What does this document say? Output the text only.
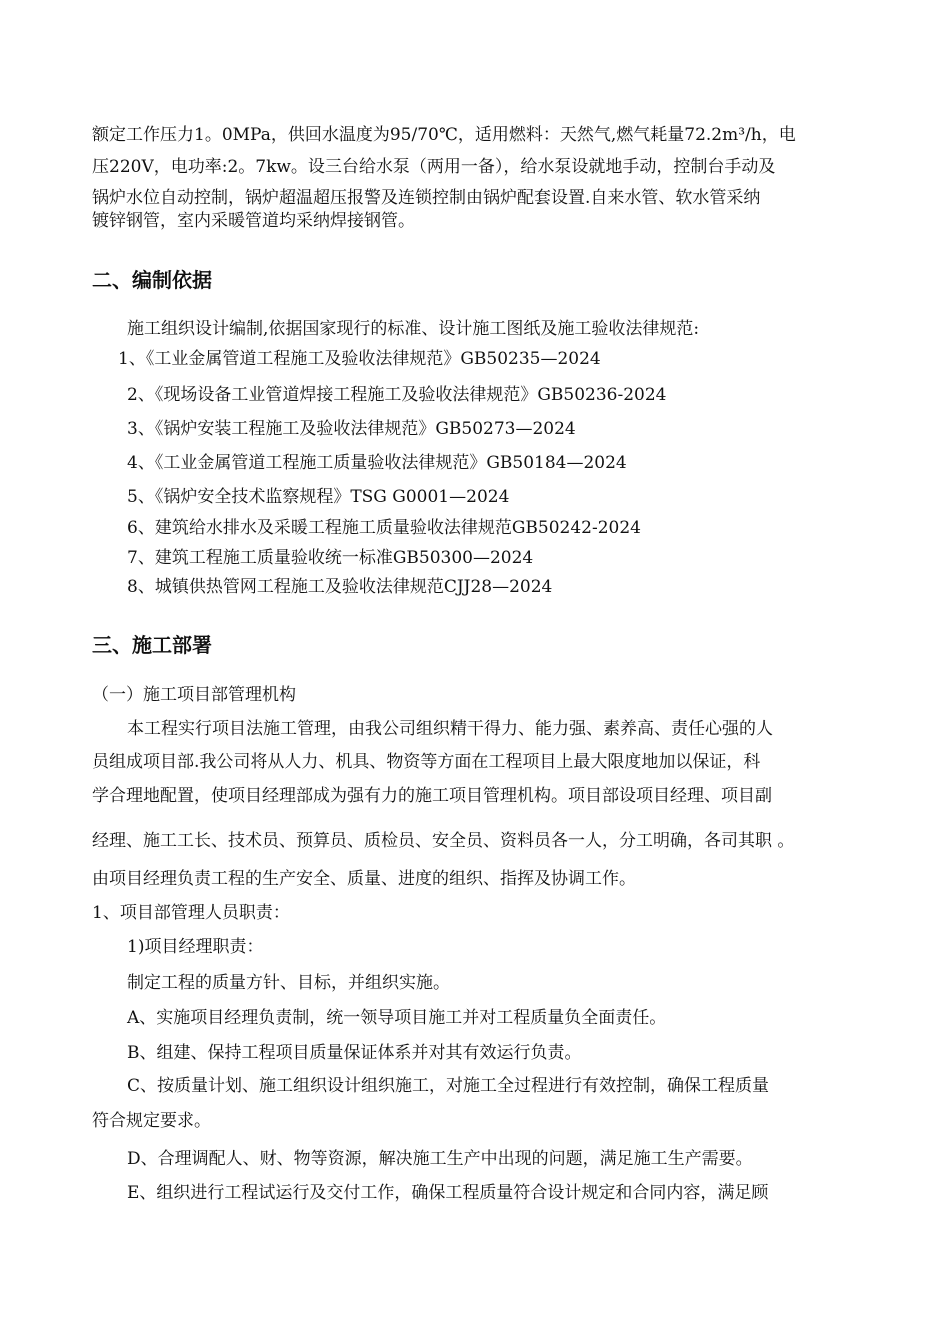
额定工作压力1。0MPa，供回水温度为95/70℃，适用燃料：天然气,燃气耗量72.2m³/h，电
压220V，电功率:2。7kw。设三台给水泵（两用一备），给水泵设就地手动，控制台手动及
锅炉水位自动控制，锅炉超温超压报警及连锁控制由锅炉配套设置.自来水管、软水管采纳
镀锌钢管，室内采暖管道均采纳焊接钢管。
二、编制依据
施工组织设计编制,依据国家现行的标准、设计施工图纸及施工验收法律规范:
1、《工业金属管道工程施工及验收法律规范》GB50235—2024
2、《现场设备工业管道焊接工程施工及验收法律规范》GB50236-2024
3、《锅炉安装工程施工及验收法律规范》GB50273—2024
4、《工业金属管道工程施工质量验收法律规范》GB50184—2024
5、《锅炉安全技术监察规程》TSG G0001—2024
6、建筑给水排水及采暖工程施工质量验收法律规范GB50242-2024
7、建筑工程施工质量验收统一标准GB50300—2024
8、城镇供热管网工程施工及验收法律规范CJJ28—2024
三、施工部署
（一）施工项目部管理机构
本工程实行项目法施工管理，由我公司组织精干得力、能力强、素养高、责任心强的人
员组成项目部.我公司将从人力、机具、物资等方面在工程项目上最大限度地加以保证，科
学合理地配置，使项目经理部成为强有力的施工项目管理机构。项目部设项目经理、项目副
经理、施工工长、技术员、预算员、质检员、安全员、资料员各一人，分工明确，各司其职 。
由项目经理负责工程的生产安全、质量、进度的组织、指挥及协调工作。
1、项目部管理人员职责：
1)项目经理职责：
制定工程的质量方针、目标，并组织实施。
A、实施项目经理负责制，统一领导项目施工并对工程质量负全面责任。
B、组建、保持工程项目质量保证体系并对其有效运行负责。
C、按质量计划、施工组织设计组织施工，对施工全过程进行有效控制，确保工程质量
符合规定要求。
D、合理调配人、财、物等资源，解决施工生产中出现的问题，满足施工生产需要。
E、组织进行工程试运行及交付工作，确保工程质量符合设计规定和合同内容，满足顾
